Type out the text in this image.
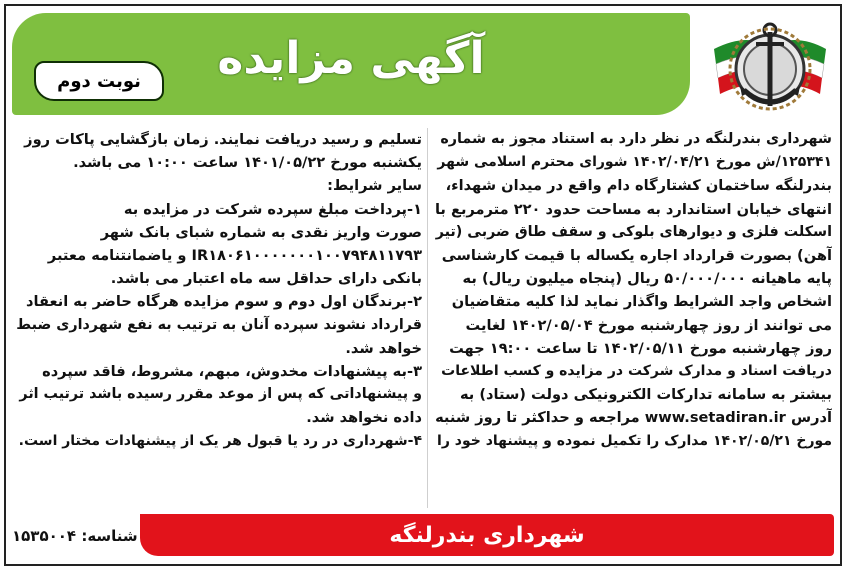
آگهی مزایده
نوبت دوم

شهرداری بندرلنگه در نظر دارد به استناد مجوز به شماره

۱۲۵۳۴۱/ش مورخ ۱۴۰۲/۰۴/۲۱ شورای محترم اسلامی شهر

بندرلنگه ساختمان کشتارگاه دام واقع در میدان شهداء،

انتهای خیابان استاندارد به مساحت حدود ۲۲۰ مترمربع با

اسکلت فلزی و دیوارهای بلوکی و سقف طاق ضربی (تیر

آهن) بصورت قرارداد اجاره یکساله با قیمت کارشناسی

پایه ماهیانه ۵۰/۰۰۰/۰۰۰ ریال (پنجاه میلیون ریال) به

اشخاص واجد الشرایط واگذار نماید لذا کلیه متقاضیان

می توانند از روز چهارشنبه مورخ ۱۴۰۲/۰۵/۰۴ لغایت

روز چهارشنبه مورخ ۱۴۰۲/۰۵/۱۱ تا ساعت ۱۹:۰۰ جهت

دریافت اسناد و مدارک شرکت در مزایده و کسب اطلاعات

بیشتر به سامانه تدارکات الکترونیکی دولت (ستاد) به

آدرس www.setadiran.ir مراجعه و حداکثر تا روز شنبه

مورخ ۱۴۰۲/۰۵/۲۱ مدارک را تکمیل نموده و پیشنهاد خود را

تسلیم و رسید دریافت نمایند. زمان بازگشایی پاکات روز

یکشنبه مورخ ۱۴۰۱/۰۵/۲۲ ساعت ۱۰:۰۰ می باشد.

سایر شرایط:

۱-پرداخت مبلغ سپرده شرکت در مزایده به

صورت واریز نقدی به شماره شبای بانک شهر

IR۱۸۰۶۱۰۰۰۰۰۰۰۱۰۰۷۹۴۸۱۱۷۹۳ و یاضمانتنامه معتبر

بانکی دارای حداقل سه ماه اعتبار می باشد.

۲-برندگان اول دوم و سوم مزایده هرگاه حاضر به انعقاد

قرارداد نشوند سپرده آنان به ترتیب به نفع شهرداری ضبط

خواهد شد.

۳-به پیشنهادات مخدوش، مبهم، مشروط، فاقد سپرده

و پیشنهاداتی که پس از موعد مقرر رسیده باشد ترتیب اثر

داده نخواهد شد.

۴-شهرداری در رد یا قبول هر یک از پیشنهادات مختار است.

شهرداری بندرلنگه
شناسه: ۱۵۳۵۰۰۴
